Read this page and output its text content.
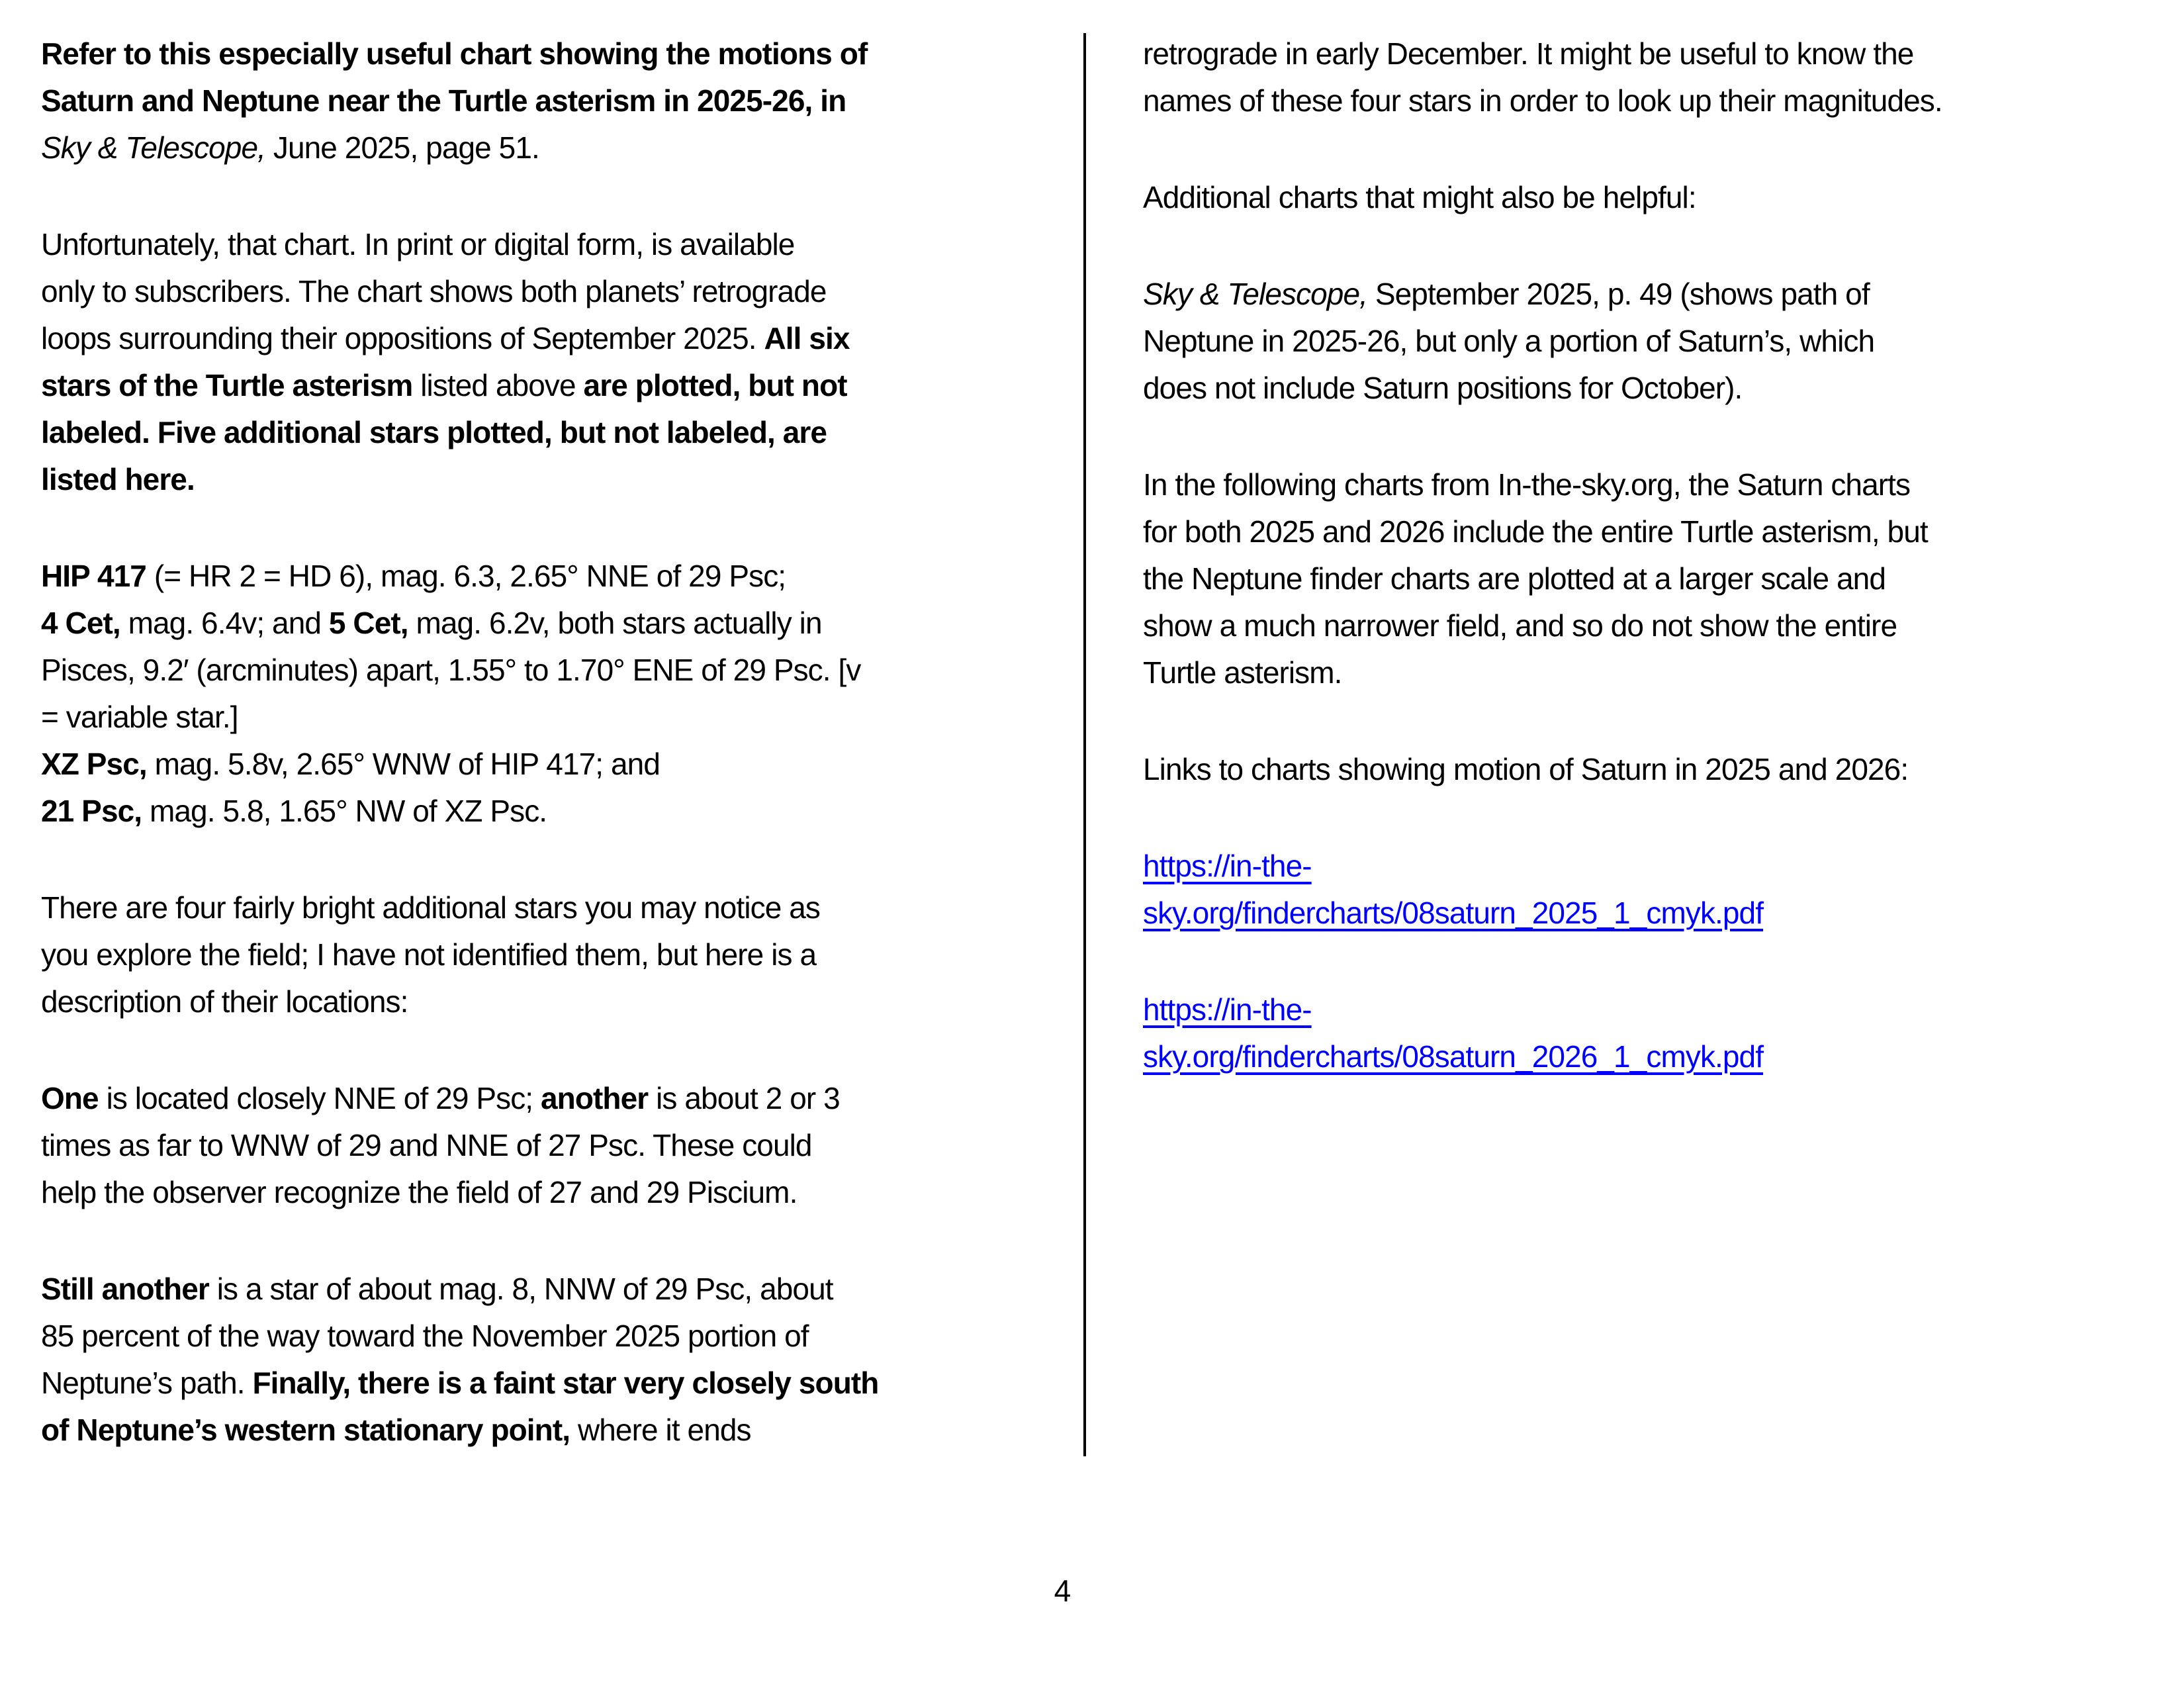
Refer to this especially useful chart showing the motions of
Saturn and Neptune near the Turtle asterism in 2025-26, in
Sky & Telescope, June 2025, page 51.
Unfortunately, that chart. In print or digital form, is available
only to subscribers. The chart shows both planets’ retrograde
loops surrounding their oppositions of September 2025. All six
stars of the Turtle asterism listed above are plotted, but not
labeled. Five additional stars plotted, but not labeled, are
listed here.
HIP 417 (= HR 2 = HD 6), mag. 6.3, 2.65° NNE of 29 Psc;
4 Cet, mag. 6.4v; and 5 Cet, mag. 6.2v, both stars actually in
Pisces, 9.2′ (arcminutes) apart, 1.55° to 1.70° ENE of 29 Psc. [v
= variable star.]
XZ Psc, mag. 5.8v, 2.65° WNW of HIP 417; and
21 Psc, mag. 5.8, 1.65° NW of XZ Psc.
There are four fairly bright additional stars you may notice as
you explore the field; I have not identified them, but here is a
description of their locations:
One is located closely NNE of 29 Psc; another is about 2 or 3
times as far to WNW of 29 and NNE of 27 Psc. These could
help the observer recognize the field of 27 and 29 Piscium.
Still another is a star of about mag. 8, NNW of 29 Psc, about
85 percent of the way toward the November 2025 portion of
Neptune’s path. Finally, there is a faint star very closely south
of Neptune’s western stationary point, where it ends
retrograde in early December. It might be useful to know the
names of these four stars in order to look up their magnitudes.
Additional charts that might also be helpful:
Sky & Telescope, September 2025, p. 49 (shows path of
Neptune in 2025-26, but only a portion of Saturn’s, which
does not include Saturn positions for October).
In the following charts from In-the-sky.org, the Saturn charts
for both 2025 and 2026 include the entire Turtle asterism, but
the Neptune finder charts are plotted at a larger scale and
show a much narrower field, and so do not show the entire
Turtle asterism.
Links to charts showing motion of Saturn in 2025 and 2026:
https://in-the-
sky.org/findercharts/08saturn_2025_1_cmyk.pdf
https://in-the-
sky.org/findercharts/08saturn_2026_1_cmyk.pdf
4
